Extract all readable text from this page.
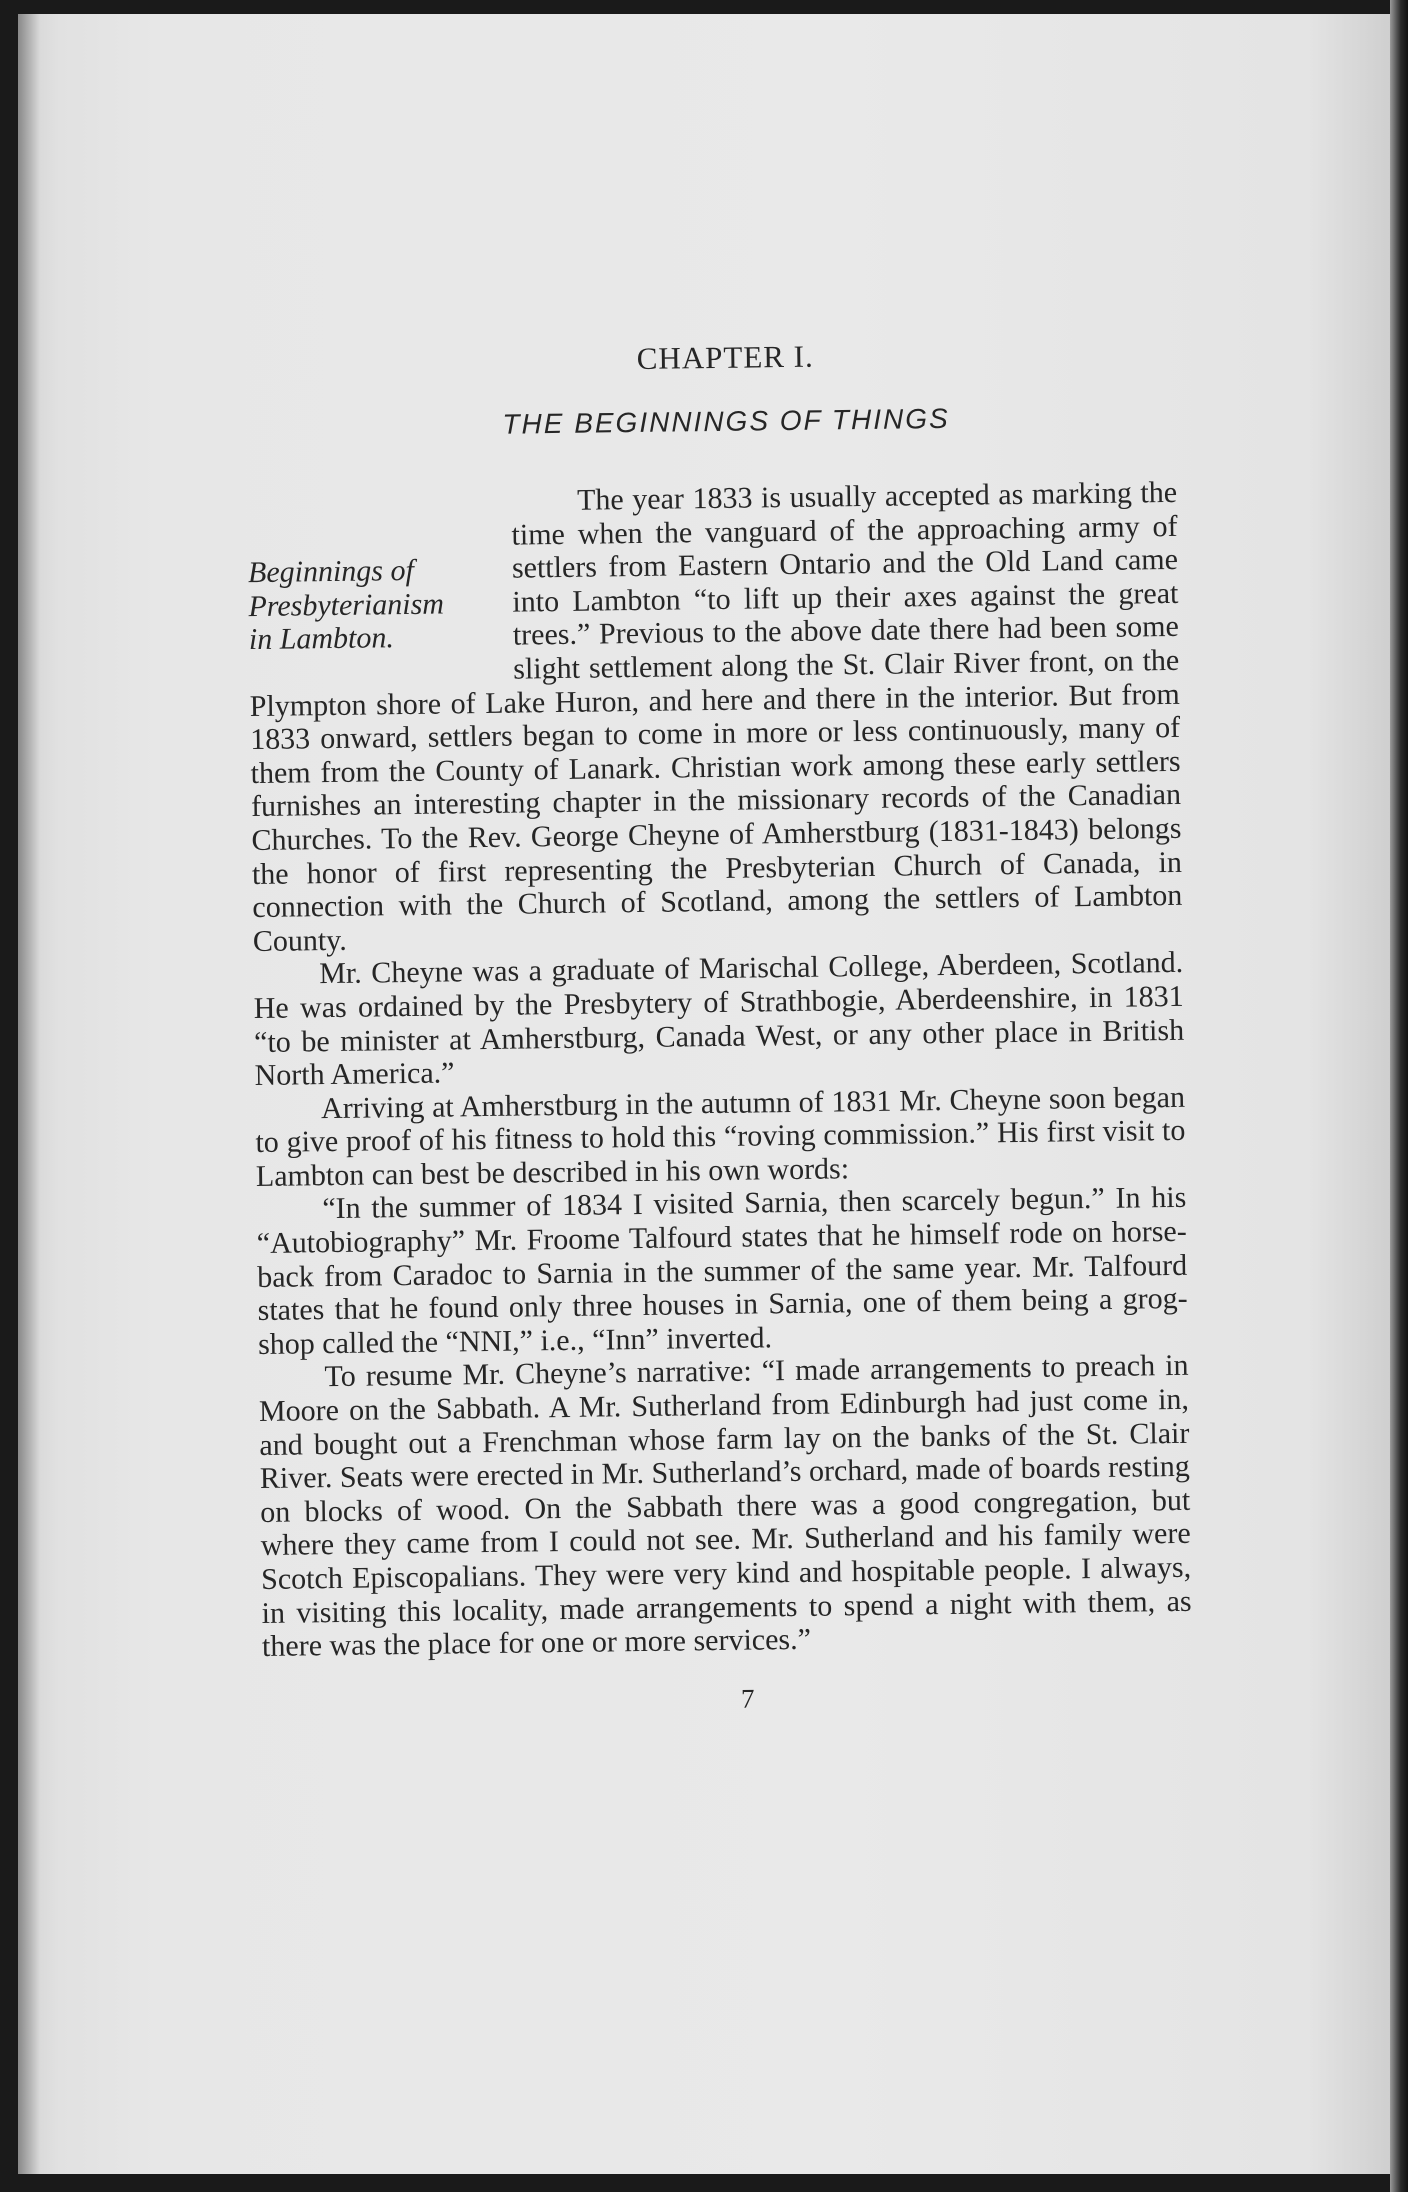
CHAPTER I.
THE BEGINNINGS OF THINGS
Beginnings of
Presbyterianism
in Lambton.

The year 1833 is usually accepted as marking the time when the vanguard of the approaching army of settlers from Eastern Ontario and the Old Land came into Lambton “to lift up their axes against the great trees.” Previous to the above date there had been some slight settlement along the St. Clair River front, on the Plympton shore of Lake Huron, and here and there in the interior. But from 1833 onward, settlers began to come in more or less continuously, many of them from the County of Lanark. Christian work among these early settlers furnishes an interesting chapter in the missionary records of the Canadian Churches. To the Rev. George Cheyne of Amherstburg (1831-1843) belongs the honor of first representing the Presbyterian Church of Canada, in connection with the Church of Scotland, among the settlers of Lambton County.

Mr. Cheyne was a graduate of Marischal College, Aberdeen, Scotland. He was ordained by the Presbytery of Strathbogie, Aberdeenshire, in 1831 “to be minister at Amherstburg, Canada West, or any other place in British North America.”

Arriving at Amherstburg in the autumn of 1831 Mr. Cheyne soon began to give proof of his fitness to hold this “roving commission.” His first visit to Lambton can best be described in his own words:

“In the summer of 1834 I visited Sarnia, then scarcely begun.” In his “Autobiography” Mr. Froome Talfourd states that he himself rode on horse-back from Caradoc to Sarnia in the summer of the same year. Mr. Talfourd states that he found only three houses in Sarnia, one of them being a grog-shop called the “NNI,” i.e., “Inn” inverted.

To resume Mr. Cheyne’s narrative: “I made arrangements to preach in Moore on the Sabbath. A Mr. Sutherland from Edinburgh had just come in, and bought out a Frenchman whose farm lay on the banks of the St. Clair River. Seats were erected in Mr. Sutherland’s orchard, made of boards resting on blocks of wood. On the Sabbath there was a good congregation, but where they came from I could not see. Mr. Sutherland and his family were Scotch Episcopalians. They were very kind and hospitable people. I always, in visiting this locality, made arrangements to spend a night with them, as there was the place for one or more services.”

7
